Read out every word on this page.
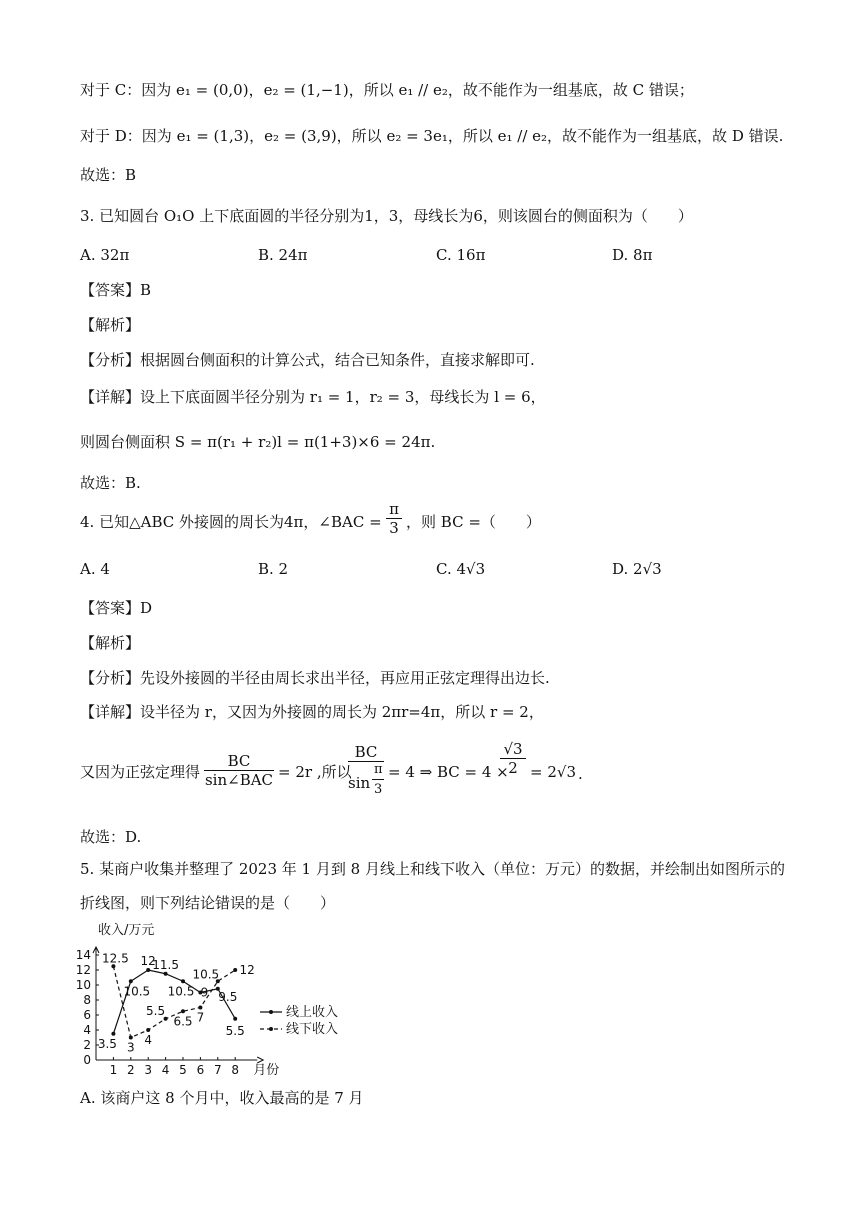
对于 C：因为 e₁ = (0,0)，e₂ = (1,−1)，所以 e₁ // e₂，故不能作为一组基底，故 C 错误；
对于 D：因为 e₁ = (1,3)，e₂ = (3,9)，所以 e₂ = 3e₁，所以 e₁ // e₂，故不能作为一组基底，故 D 错误.
故选：B
3. 已知圆台 O₁O 上下底面圆的半径分别为1，3，母线长为6，则该圆台的侧面积为（　　）
A. 32π	B. 24π	C. 16π	D. 8π
【答案】B
【解析】
【分析】根据圆台侧面积的计算公式，结合已知条件，直接求解即可.
【详解】设上下底面圆半径分别为 r₁ = 1，r₂ = 3，母线长为 l = 6，
则圆台侧面积 S = π(r₁ + r₂)l = π(1+3)×6 = 24π.
故选：B.
4. 已知△ABC 外接圆的周长为4π，∠BAC =
π
3 ，则 BC =（　　）
A. 4	B. 2	C. 4√3	D. 2√3
【答案】D
【解析】
【分析】先设外接圆的半径由周长求出半径，再应用正弦定理得出边长.
【详解】设半径为 r，又因为外接圆的周长为 2πr=4π，所以 r = 2，
又因为正弦定理得
BC
sin∠BAC = 2r ,所以
BC
sin
π
3
= 4 ⇒ BC = 4 ×
√3
2 = 2√3 .
故选：D.
5. 某商户收集并整理了 2023 年 1 月到 8 月线上和线下收入（单位：万元）的数据，并绘制出如图所示的
折线图，则下列结论错误的是（　　）
0
2
4
6
8
10
12
14
1 2 3 4 5 6 7 8
收入/万元
月份
3.5
10.5
12
11.5
10.5 9 9.5
5.5
12.5
3
4
5.5
6.5 7
10.5 12
线上收入
线下收入
A. 该商户这 8 个月中，收入最高的是 7 月
